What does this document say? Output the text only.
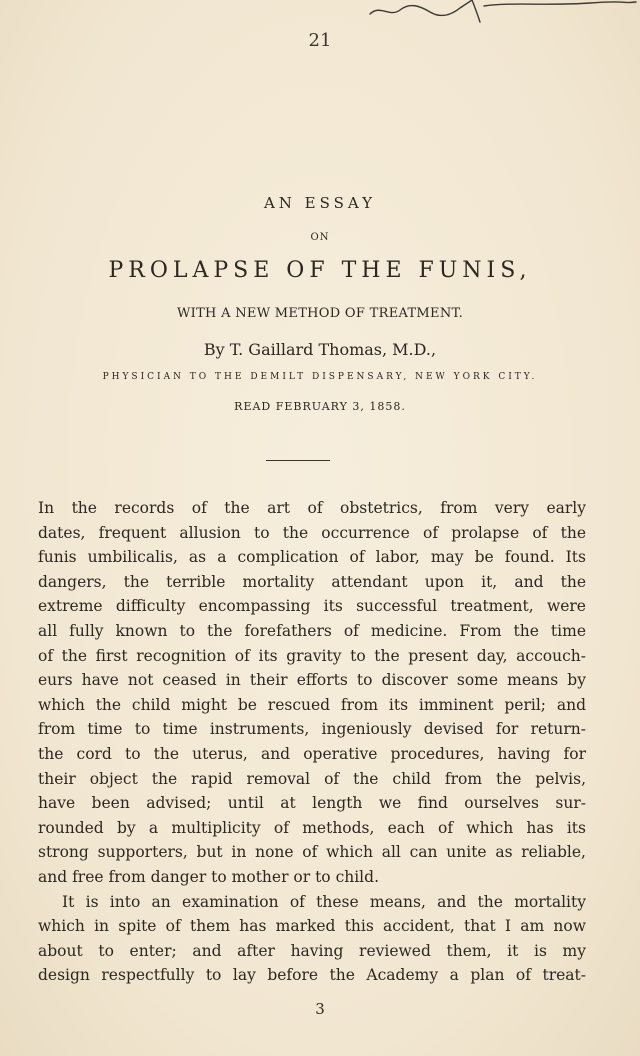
21
AN ESSAY
ON
PROLAPSE OF THE FUNIS,
WITH A NEW METHOD OF TREATMENT.
By T. Gaillard Thomas, M.D.,
PHYSICIAN TO THE DEMILT DISPENSARY, NEW YORK CITY.
READ FEBRUARY 3, 1858.
In the records of the art of obstetrics, from very early
dates, frequent allusion to the occurrence of prolapse of the
funis umbilicalis, as a complication of labor, may be found. Its
dangers, the terrible mortality attendant upon it, and the
extreme difficulty encompassing its successful treatment, were
all fully known to the forefathers of medicine. From the time
of the first recognition of its gravity to the present day, accouch-
eurs have not ceased in their efforts to discover some means by
which the child might be rescued from its imminent peril; and
from time to time instruments, ingeniously devised for return-
the cord to the uterus, and operative procedures, having for
their object the rapid removal of the child from the pelvis,
have been advised; until at length we find ourselves sur-
rounded by a multiplicity of methods, each of which has its
strong supporters, but in none of which all can unite as reliable,
and free from danger to mother or to child.
It is into an examination of these means, and the mortality
which in spite of them has marked this accident, that I am now
about to enter; and after having reviewed them, it is my
design respectfully to lay before the Academy a plan of treat-
3
